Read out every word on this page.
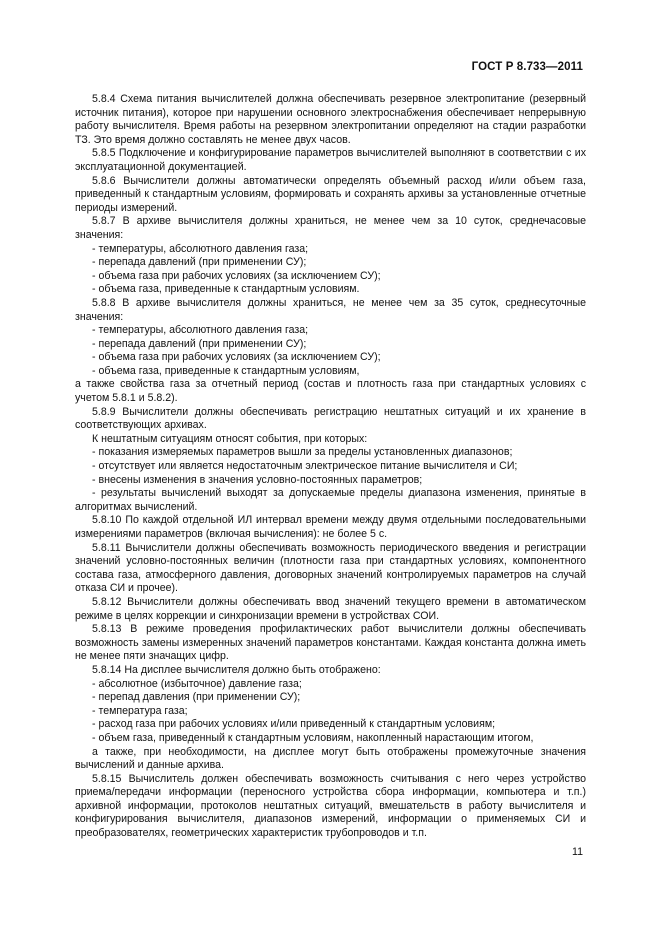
ГОСТ Р 8.733—2011

5.8.4 Схема питания вычислителей должна обеспечивать резервное электропитание (резервный источник питания), которое при нарушении основного электроснабжения обеспечивает непрерывную работу вычислителя. Время работы на резервном электропитании определяют на стадии разработки ТЗ. Это время должно составлять не менее двух часов.

5.8.5 Подключение и конфигурирование параметров вычислителей выполняют в соответствии с их эксплуатационной документацией.

5.8.6 Вычислители должны автоматически определять объемный расход и/или объем газа, приведенный к стандартным условиям, формировать и сохранять архивы за установленные отчетные периоды измерений.

5.8.7 В архиве вычислителя должны храниться, не менее чем за 10 суток, среднечасовые значения:

- температуры, абсолютного давления газа;

- перепада давлений (при применении СУ);

- объема газа при рабочих условиях (за исключением СУ);

- объема газа, приведенные к стандартным условиям.

5.8.8 В архиве вычислителя должны храниться, не менее чем за 35 суток, среднесуточные значения:

- температуры, абсолютного давления газа;

- перепада давлений (при применении СУ);

- объема газа при рабочих условиях (за исключением СУ);

- объема газа, приведенные к стандартным условиям,

а также свойства газа за отчетный период (состав и плотность газа при стандартных условиях с учетом 5.8.1 и 5.8.2).

5.8.9 Вычислители должны обеспечивать регистрацию нештатных ситуаций и их хранение в соответствующих архивах.

К нештатным ситуациям относят события, при которых:

- показания измеряемых параметров вышли за пределы установленных диапазонов;

- отсутствует или является недостаточным электрическое питание вычислителя и СИ;

- внесены изменения в значения условно-постоянных параметров;

- результаты вычислений выходят за допускаемые пределы диапазона изменения, принятые в алгоритмах вычислений.

5.8.10 По каждой отдельной ИЛ интервал времени между двумя отдельными последовательными измерениями параметров (включая вычисления): не более 5 с.

5.8.11 Вычислители должны обеспечивать возможность периодического введения и регистрации значений условно-постоянных величин (плотности газа при стандартных условиях, компонентного состава газа, атмосферного давления, договорных значений контролируемых параметров на случай отказа СИ и прочее).

5.8.12 Вычислители должны обеспечивать ввод значений текущего времени в автоматическом режиме в целях коррекции и синхронизации времени в устройствах СОИ.

5.8.13 В режиме проведения профилактических работ вычислители должны обеспечивать возможность замены измеренных значений параметров константами. Каждая константа должна иметь не менее пяти значащих цифр.

5.8.14 На дисплее вычислителя должно быть отображено:

- абсолютное (избыточное) давление газа;

- перепад давления (при применении СУ);

- температура газа;

- расход газа при рабочих условиях и/или приведенный к стандартным условиям;

- объем газа, приведенный к стандартным условиям, накопленный нарастающим итогом,

а также, при необходимости, на дисплее могут быть отображены промежуточные значения вычислений и данные архива.

5.8.15 Вычислитель должен обеспечивать возможность считывания с него через устройство приема/передачи информации (переносного устройства сбора информации, компьютера и т.п.) архивной информации, протоколов нештатных ситуаций, вмешательств в работу вычислителя и конфигурирования вычислителя, диапазонов измерений, информации о применяемых СИ и преобразователях, геометрических характеристик трубопроводов и т.п.

11
